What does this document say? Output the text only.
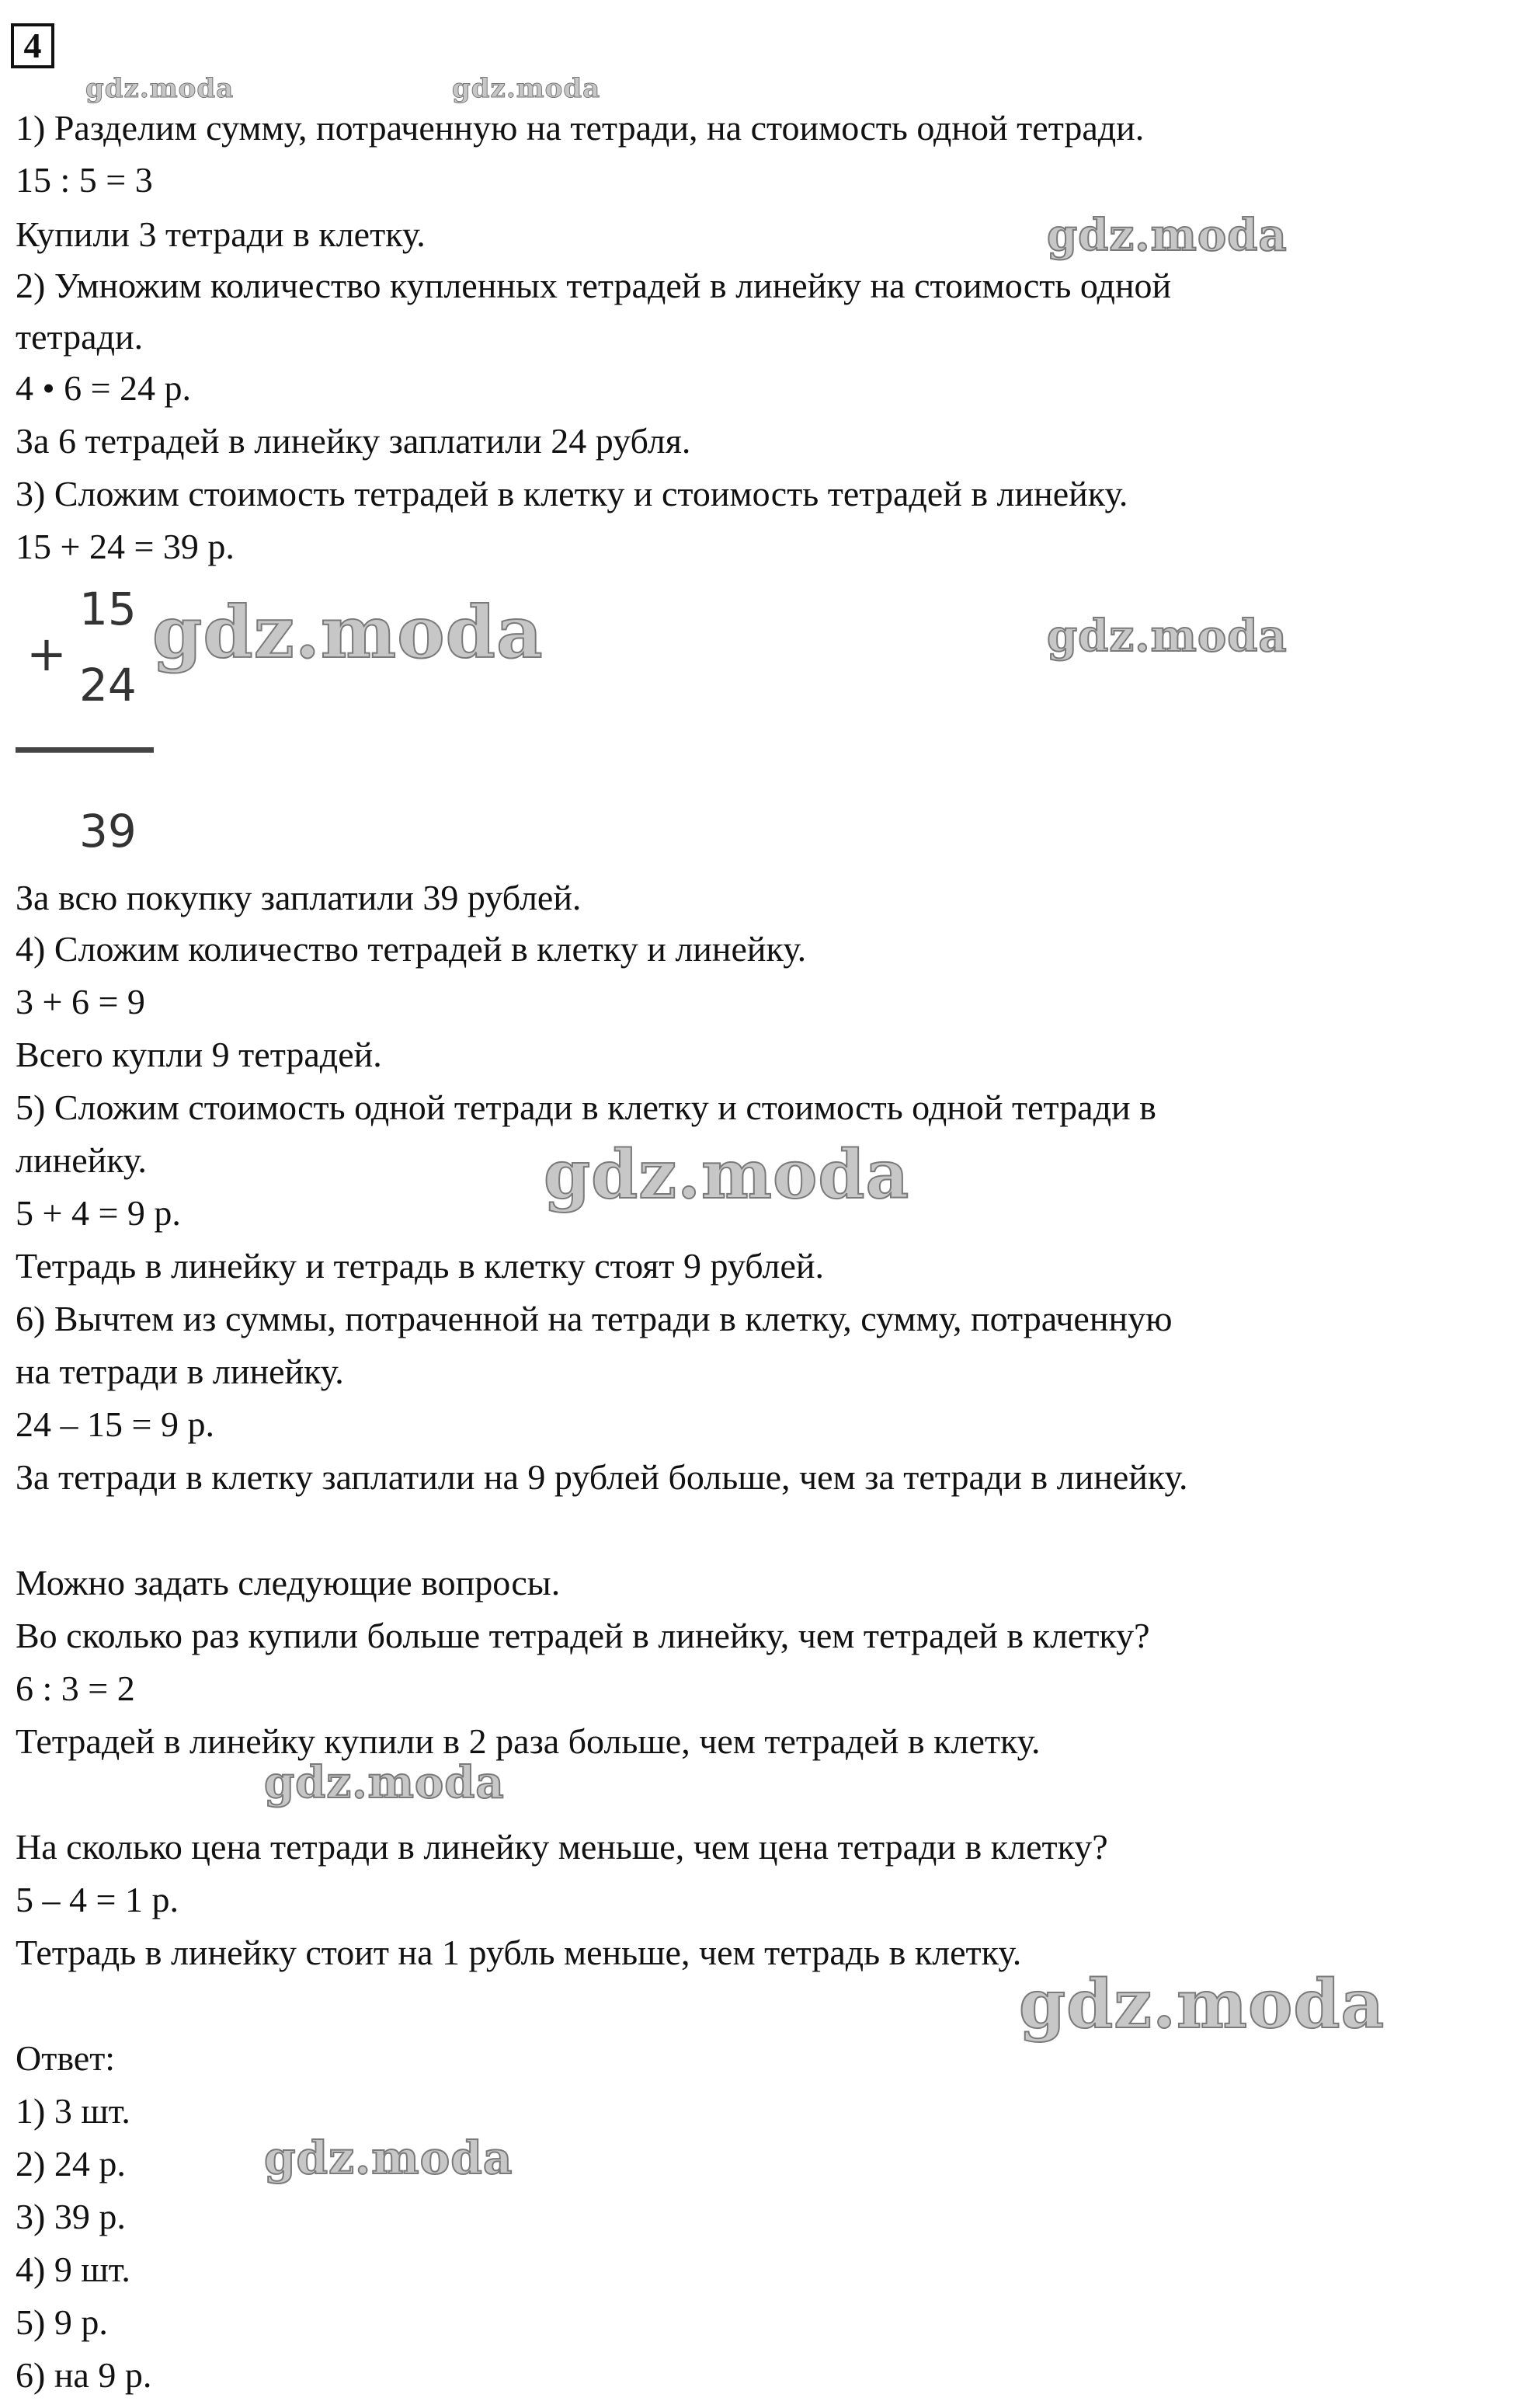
4
1) Разделим сумму, потраченную на тетради, на стоимость одной тетради.
15 : 5 = 3
Купили 3 тетради в клетку.
2) Умножим количество купленных тетрадей в линейку на стоимость одной
тетради.
4 • 6 = 24 р.
За 6 тетрадей в линейку заплатили 24 рубля.
3) Сложим стоимость тетрадей в клетку и стоимость тетрадей в линейку.
15 + 24 = 39 р.
+
15
24
39
За всю покупку заплатили 39 рублей.
4) Сложим количество тетрадей в клетку и линейку.
3 + 6 = 9
Всего купли 9 тетрадей.
5) Сложим стоимость одной тетради в клетку и стоимость одной тетради в
линейку.
5 + 4 = 9 р.
Тетрадь в линейку и тетрадь в клетку стоят 9 рублей.
6) Вычтем из суммы, потраченной на тетради в клетку, сумму, потраченную
на тетради в линейку.
24 – 15 = 9 р.
За тетради в клетку заплатили на 9 рублей больше, чем за тетради в линейку.
Можно задать следующие вопросы.
Во сколько раз купили больше тетрадей в линейку, чем тетрадей в клетку?
6 : 3 = 2
Тетрадей в линейку купили в 2 раза больше, чем тетрадей в клетку.
На сколько цена тетради в линейку меньше, чем цена тетради в клетку?
5 – 4 = 1 р.
Тетрадь в линейку стоит на 1 рубль меньше, чем тетрадь в клетку.
Ответ:
1) 3 шт.
2) 24 р.
3) 39 р.
4) 9 шт.
5) 9 р.
6) на 9 р.
gdz.moda	gdz.moda
gdz.moda
gdz.moda	gdz.moda
gdz.moda
gdz.moda
gdz.moda
gdz.moda
